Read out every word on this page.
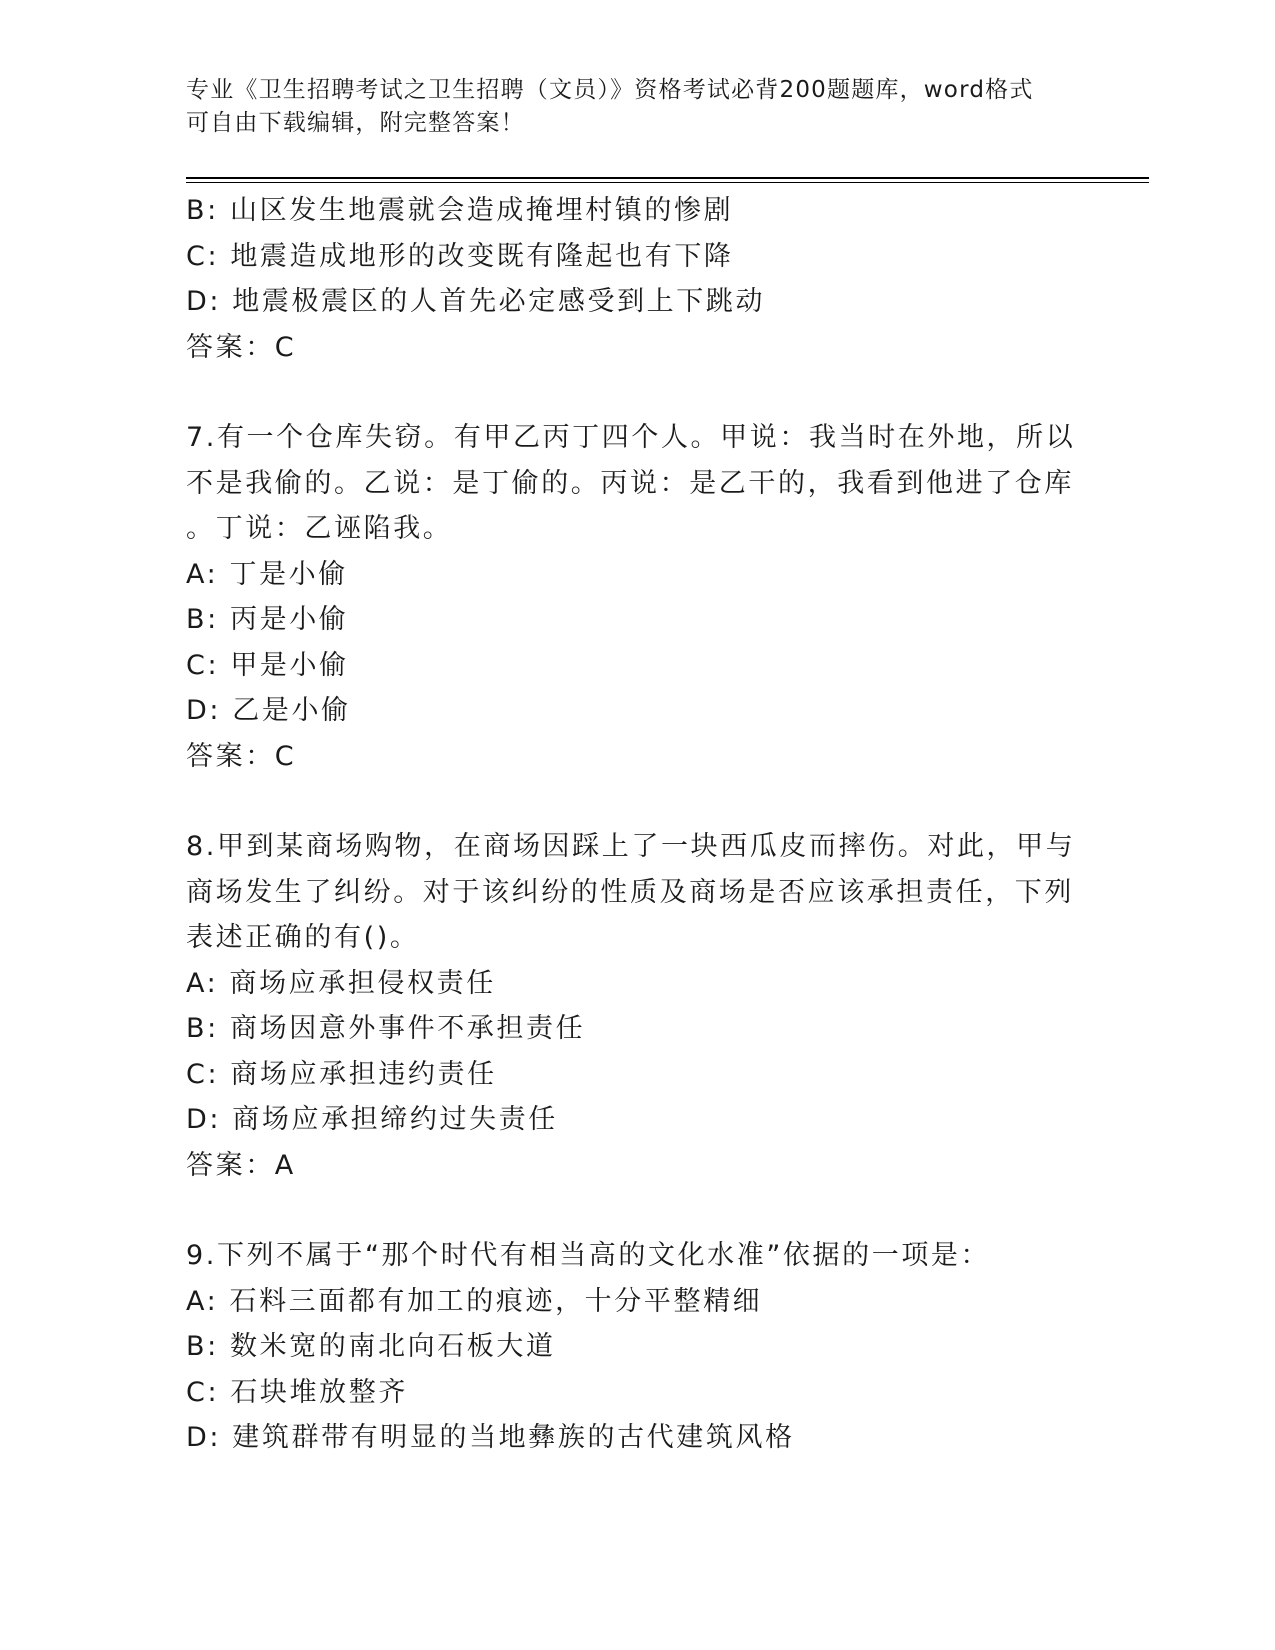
专业《卫生招聘考试之卫生招聘（文员）》资格考试必背200题题库，word格式
可自由下载编辑，附完整答案！
B: 山区发生地震就会造成掩埋村镇的惨剧
C: 地震造成地形的改变既有隆起也有下降
D: 地震极震区的人首先必定感受到上下跳动
答案：C
7.有一个仓库失窃。有甲乙丙丁四个人。甲说：我当时在外地，所以
不是我偷的。乙说：是丁偷的。丙说：是乙干的，我看到他进了仓库
。丁说：乙诬陷我。
A: 丁是小偷
B: 丙是小偷
C: 甲是小偷
D: 乙是小偷
答案：C
8.甲到某商场购物，在商场因踩上了一块西瓜皮而摔伤。对此，甲与
商场发生了纠纷。对于该纠纷的性质及商场是否应该承担责任，下列
表述正确的有()。
A: 商场应承担侵权责任
B: 商场因意外事件不承担责任
C: 商场应承担违约责任
D: 商场应承担缔约过失责任
答案：A
9.下列不属于“那个时代有相当高的文化水准”依据的一项是：
A: 石料三面都有加工的痕迹，十分平整精细
B: 数米宽的南北向石板大道
C: 石块堆放整齐
D: 建筑群带有明显的当地彝族的古代建筑风格
